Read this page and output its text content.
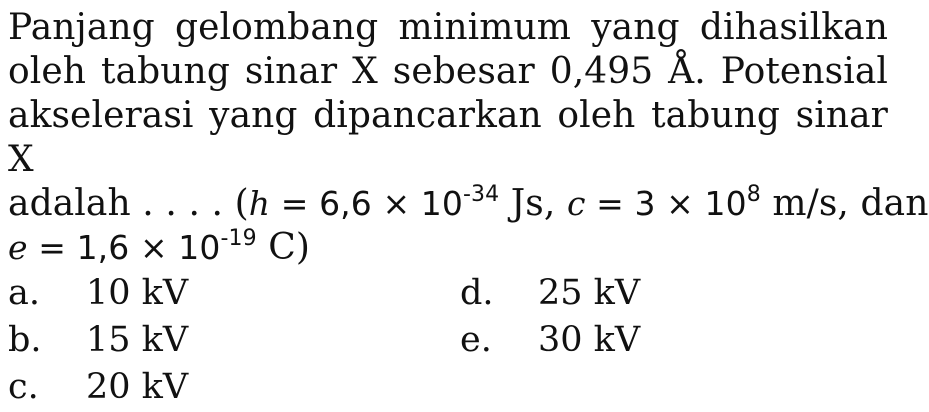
Panjang gelombang minimum yang dihasilkan

oleh tabung sinar X sebesar 0,495 Å. Potensial

akselerasi yang dipancarkan oleh tabung sinar X

adalah . . . . ($h = 6,6 \times 10^{-34}$ Js, $c = 3 \times 10^8$ m/s, dan

$e = 1,6 \times 10^{-19}$ C)

a. 10 kV
b. 15 kV
c. 20 kV
d. 25 kV
e. 30 kV
